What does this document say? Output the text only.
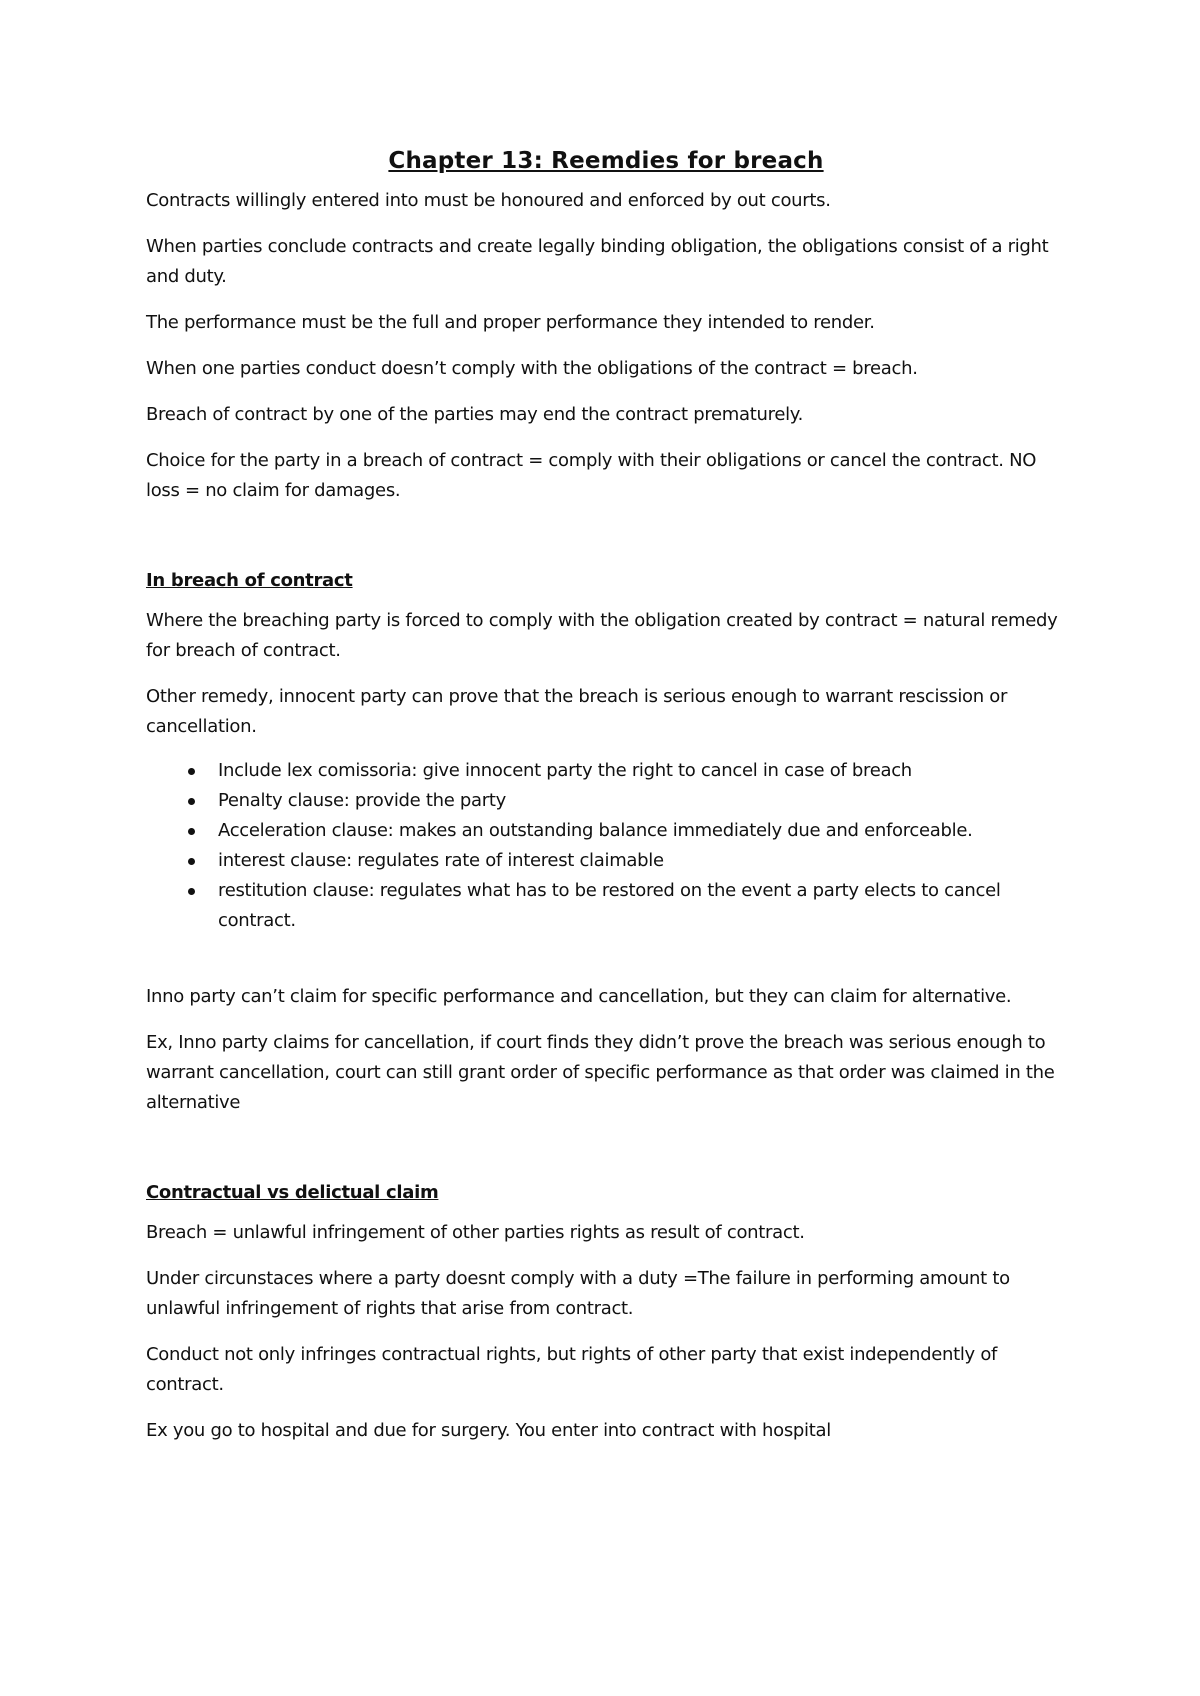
Chapter 13: Reemdies for breach

Contracts willingly entered into must be honoured and enforced by out courts.

When parties conclude contracts and create legally binding obligation, the obligations consist of a right and duty.

The performance must be the full and proper performance they intended to render.

When one parties conduct doesn’t comply with the obligations of the contract = breach.

Breach of contract by one of the parties may end the contract prematurely.

Choice for the party in a breach of contract = comply with their obligations or cancel the contract. NO loss = no claim for damages.

In breach of contract

Where the breaching party is forced to comply with the obligation created by contract = natural remedy for breach of contract.

Other remedy, innocent party can prove that the breach is serious enough to warrant rescission or cancellation.

Include lex comissoria: give innocent party the right to cancel in case of breach
Penalty clause: provide the party
Acceleration clause: makes an outstanding balance immediately due and enforceable.
interest clause: regulates rate of interest claimable
restitution clause: regulates what has to be restored on the event a party elects to cancel contract.

Inno party can’t claim for specific performance and cancellation, but they can claim for alternative.

Ex, Inno party claims for cancellation, if court finds they didn’t prove the breach was serious enough to warrant cancellation, court can still grant order of specific performance as that order was claimed in the alternative

Contractual vs delictual claim

Breach = unlawful infringement of other parties rights as result of contract.

Under circunstaces where a party doesnt comply with a duty =The failure in performing amount to unlawful infringement of rights that arise from contract.

Conduct not only infringes contractual rights, but rights of other party that exist independently of contract.

Ex you go to hospital and due for surgery. You enter into contract with hospital
